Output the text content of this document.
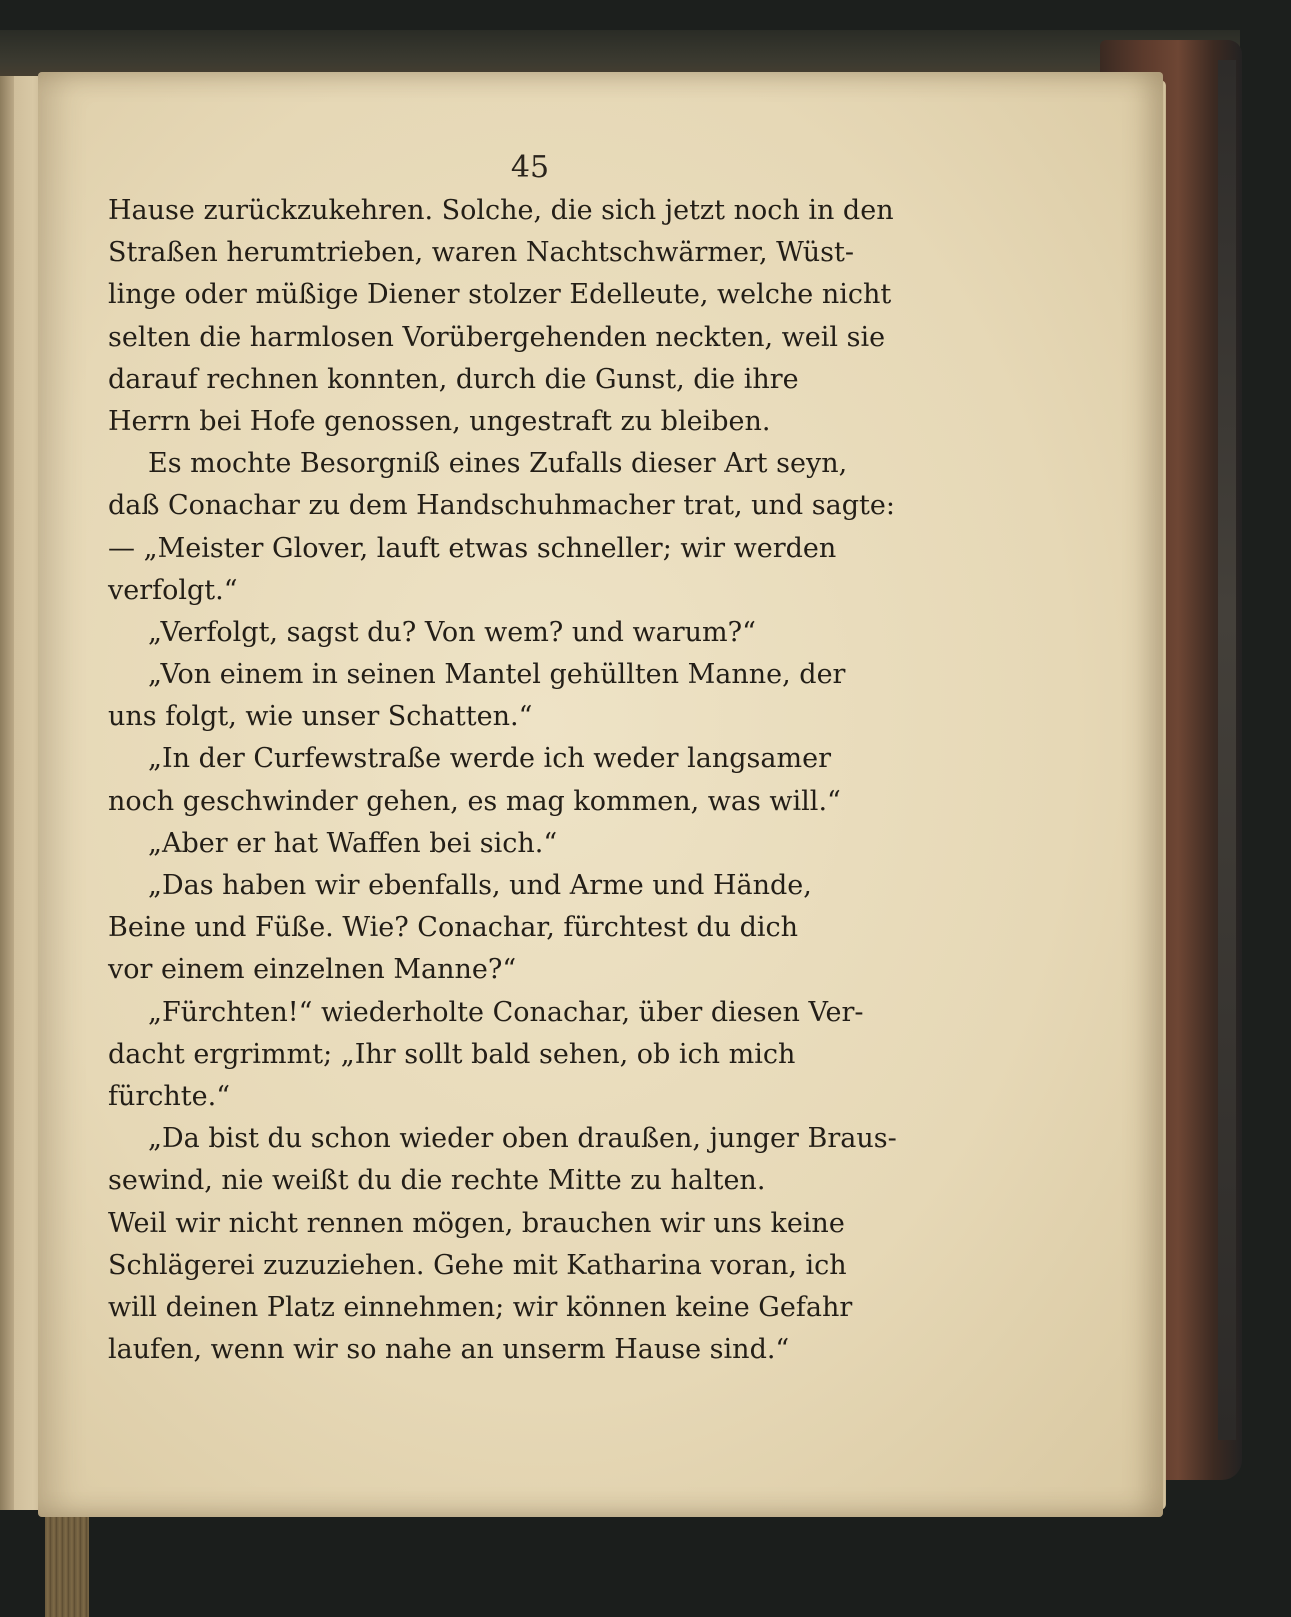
45
Hause zurückzukehren. Solche, die sich jetzt noch in den
Straßen herumtrieben, waren Nachtschwärmer, Wüst-
linge oder müßige Diener stolzer Edelleute, welche nicht
selten die harmlosen Vorübergehenden neckten, weil sie
darauf rechnen konnten, durch die Gunst, die ihre
Herrn bei Hofe genossen, ungestraft zu bleiben.
Es mochte Besorgniß eines Zufalls dieser Art seyn,
daß Conachar zu dem Handschuhmacher trat, und sagte:
— „Meister Glover, lauft etwas schneller; wir werden
verfolgt.“
„Verfolgt, sagst du? Von wem? und warum?“
„Von einem in seinen Mantel gehüllten Manne, der
uns folgt, wie unser Schatten.“
„In der Curfewstraße werde ich weder langsamer
noch geschwinder gehen, es mag kommen, was will.“
„Aber er hat Waffen bei sich.“
„Das haben wir ebenfalls, und Arme und Hände,
Beine und Füße. Wie? Conachar, fürchtest du dich
vor einem einzelnen Manne?“
„Fürchten!“ wiederholte Conachar, über diesen Ver-
dacht ergrimmt; „Ihr sollt bald sehen, ob ich mich
fürchte.“
„Da bist du schon wieder oben draußen, junger Braus-
sewind, nie weißt du die rechte Mitte zu halten.
Weil wir nicht rennen mögen, brauchen wir uns keine
Schlägerei zuzuziehen. Gehe mit Katharina voran, ich
will deinen Platz einnehmen; wir können keine Gefahr
laufen, wenn wir so nahe an unserm Hause sind.“
